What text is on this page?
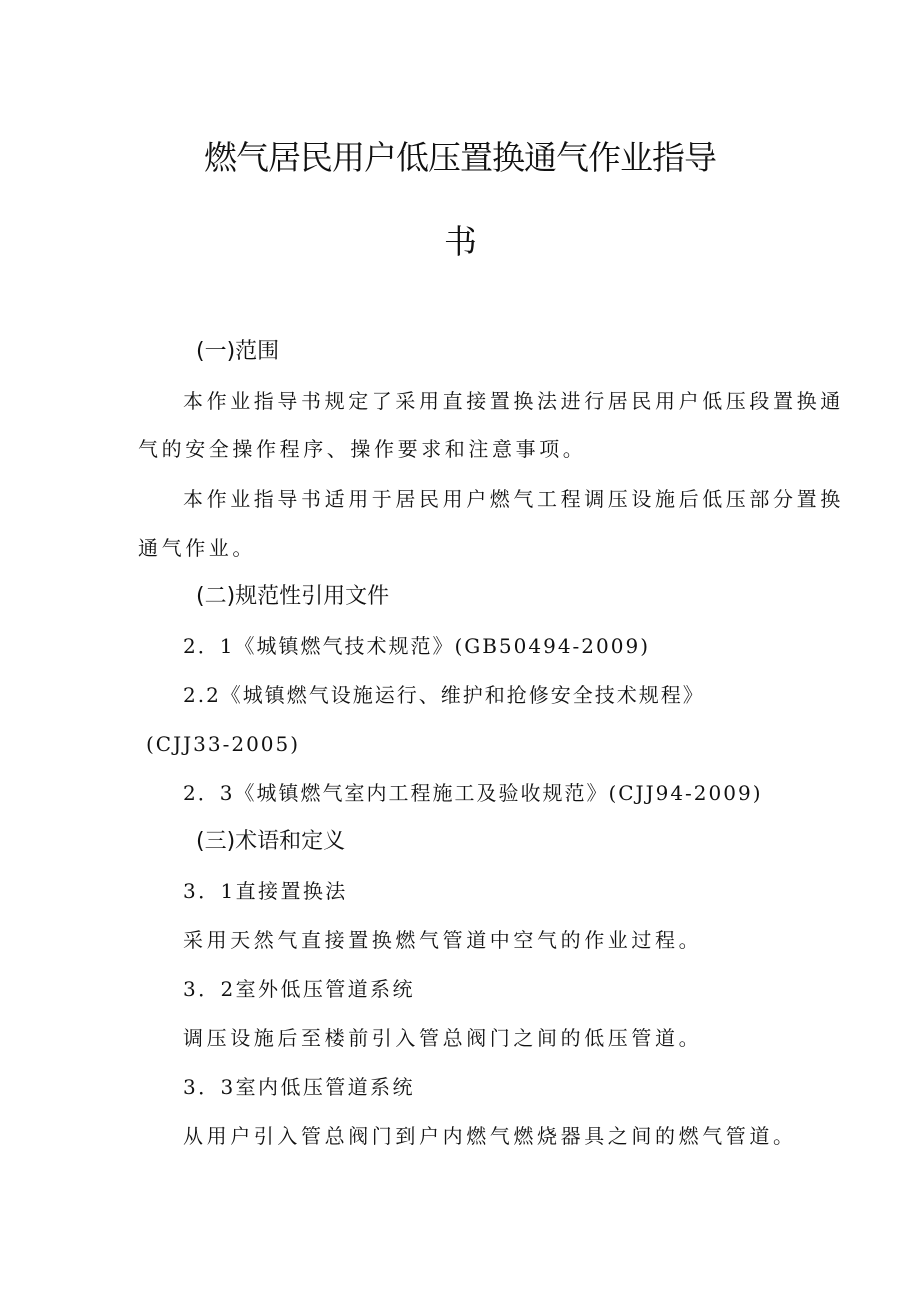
燃气居民用户低压置换通气作业指导
书

(一)范围

本作业指导书规定了采用直接置换法进行居民用户低压段置换通

气的安全操作程序、操作要求和注意事项。

本作业指导书适用于居民用户燃气工程调压设施后低压部分置换

通气作业。

(二)规范性引用文件

2．1《城镇燃气技术规范》(GB50494-2009)

2.2《城镇燃气设施运行、维护和抢修安全技术规程》

(CJJ33-2005)

2．3《城镇燃气室内工程施工及验收规范》(CJJ94-2009)

(三)术语和定义

3．1直接置换法

采用天然气直接置换燃气管道中空气的作业过程。

3．2室外低压管道系统

调压设施后至楼前引入管总阀门之间的低压管道。

3．3室内低压管道系统

从用户引入管总阀门到户内燃气燃烧器具之间的燃气管道。
